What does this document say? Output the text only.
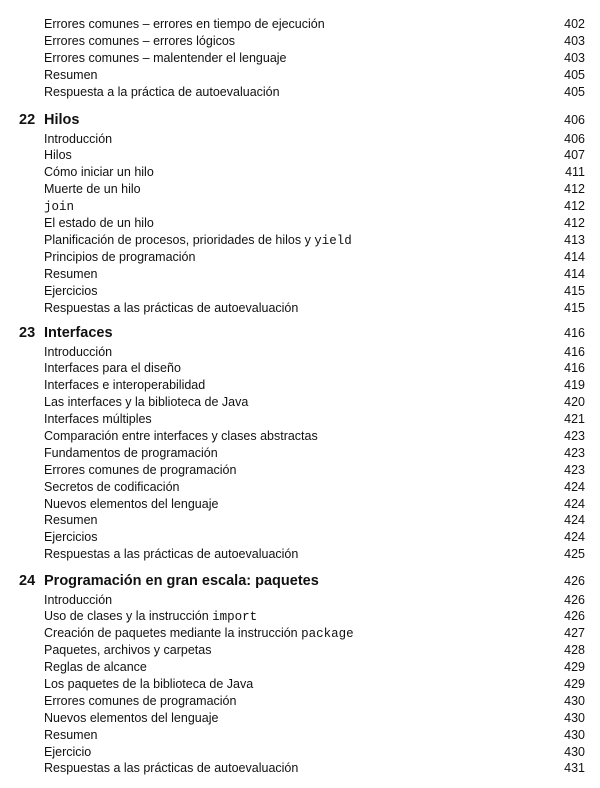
Errores comunes – errores en tiempo de ejecución	402
Errores comunes – errores lógicos	403
Errores comunes – malentender el lenguaje	403
Resumen	405
Respuesta a la práctica de autoevaluación	405
22 Hilos	406
Introducción	406
Hilos	407
Cómo iniciar un hilo	411
Muerte de un hilo	412
join	412
El estado de un hilo	412
Planificación de procesos, prioridades de hilos y yield	413
Principios de programación	414
Resumen	414
Ejercicios	415
Respuestas a las prácticas de autoevaluación	415
23 Interfaces	416
Introducción	416
Interfaces para el diseño	416
Interfaces e interoperabilidad	419
Las interfaces y la biblioteca de Java	420
Interfaces múltiples	421
Comparación entre interfaces y clases abstractas	423
Fundamentos de programación	423
Errores comunes de programación	423
Secretos de codificación	424
Nuevos elementos del lenguaje	424
Resumen	424
Ejercicios	424
Respuestas a las prácticas de autoevaluación	425
24 Programación en gran escala: paquetes	426
Introducción	426
Uso de clases y la instrucción import	426
Creación de paquetes mediante la instrucción package	427
Paquetes, archivos y carpetas	428
Reglas de alcance	429
Los paquetes de la biblioteca de Java	429
Errores comunes de programación	430
Nuevos elementos del lenguaje	430
Resumen	430
Ejercicio	430
Respuestas a las prácticas de autoevaluación	431
